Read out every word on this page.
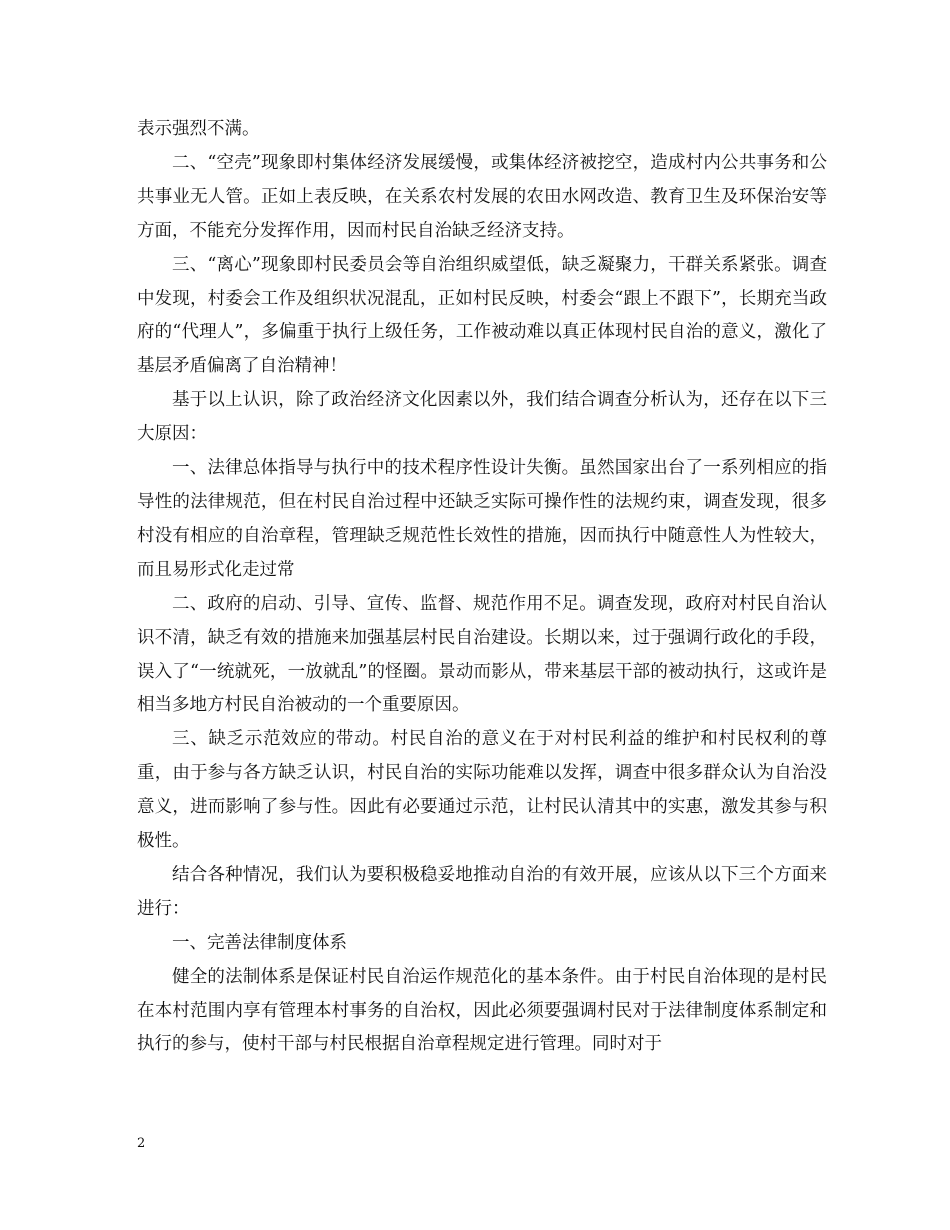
表示强烈不满。

二、“空壳”现象即村集体经济发展缓慢，或集体经济被挖空，造成村内公共事务和公共事业无人管。正如上表反映，在关系农村发展的农田水网改造、教育卫生及环保治安等方面，不能充分发挥作用，因而村民自治缺乏经济支持。

三、“离心”现象即村民委员会等自治组织威望低，缺乏凝聚力，干群关系紧张。调查中发现，村委会工作及组织状况混乱，正如村民反映，村委会“跟上不跟下”，长期充当政府的“代理人”，多偏重于执行上级任务，工作被动难以真正体现村民自治的意义，激化了基层矛盾偏离了自治精神！

基于以上认识，除了政治经济文化因素以外，我们结合调查分析认为，还存在以下三大原因：

一、法律总体指导与执行中的技术程序性设计失衡。虽然国家出台了一系列相应的指导性的法律规范，但在村民自治过程中还缺乏实际可操作性的法规约束，调查发现，很多村没有相应的自治章程，管理缺乏规范性长效性的措施，因而执行中随意性人为性较大，而且易形式化走过常

二、政府的启动、引导、宣传、监督、规范作用不足。调查发现，政府对村民自治认识不清，缺乏有效的措施来加强基层村民自治建设。长期以来，过于强调行政化的手段，误入了“一统就死，一放就乱”的怪圈。景动而影从，带来基层干部的被动执行，这或许是相当多地方村民自治被动的一个重要原因。

三、缺乏示范效应的带动。村民自治的意义在于对村民利益的维护和村民权利的尊重，由于参与各方缺乏认识，村民自治的实际功能难以发挥，调查中很多群众认为自治没意义，进而影响了参与性。因此有必要通过示范，让村民认清其中的实惠，激发其参与积极性。

结合各种情况，我们认为要积极稳妥地推动自治的有效开展，应该从以下三个方面来进行：

一、完善法律制度体系

健全的法制体系是保证村民自治运作规范化的基本条件。由于村民自治体现的是村民在本村范围内享有管理本村事务的自治权，因此必须要强调村民对于法律制度体系制定和执行的参与，使村干部与村民根据自治章程规定进行管理。同时对于

2
